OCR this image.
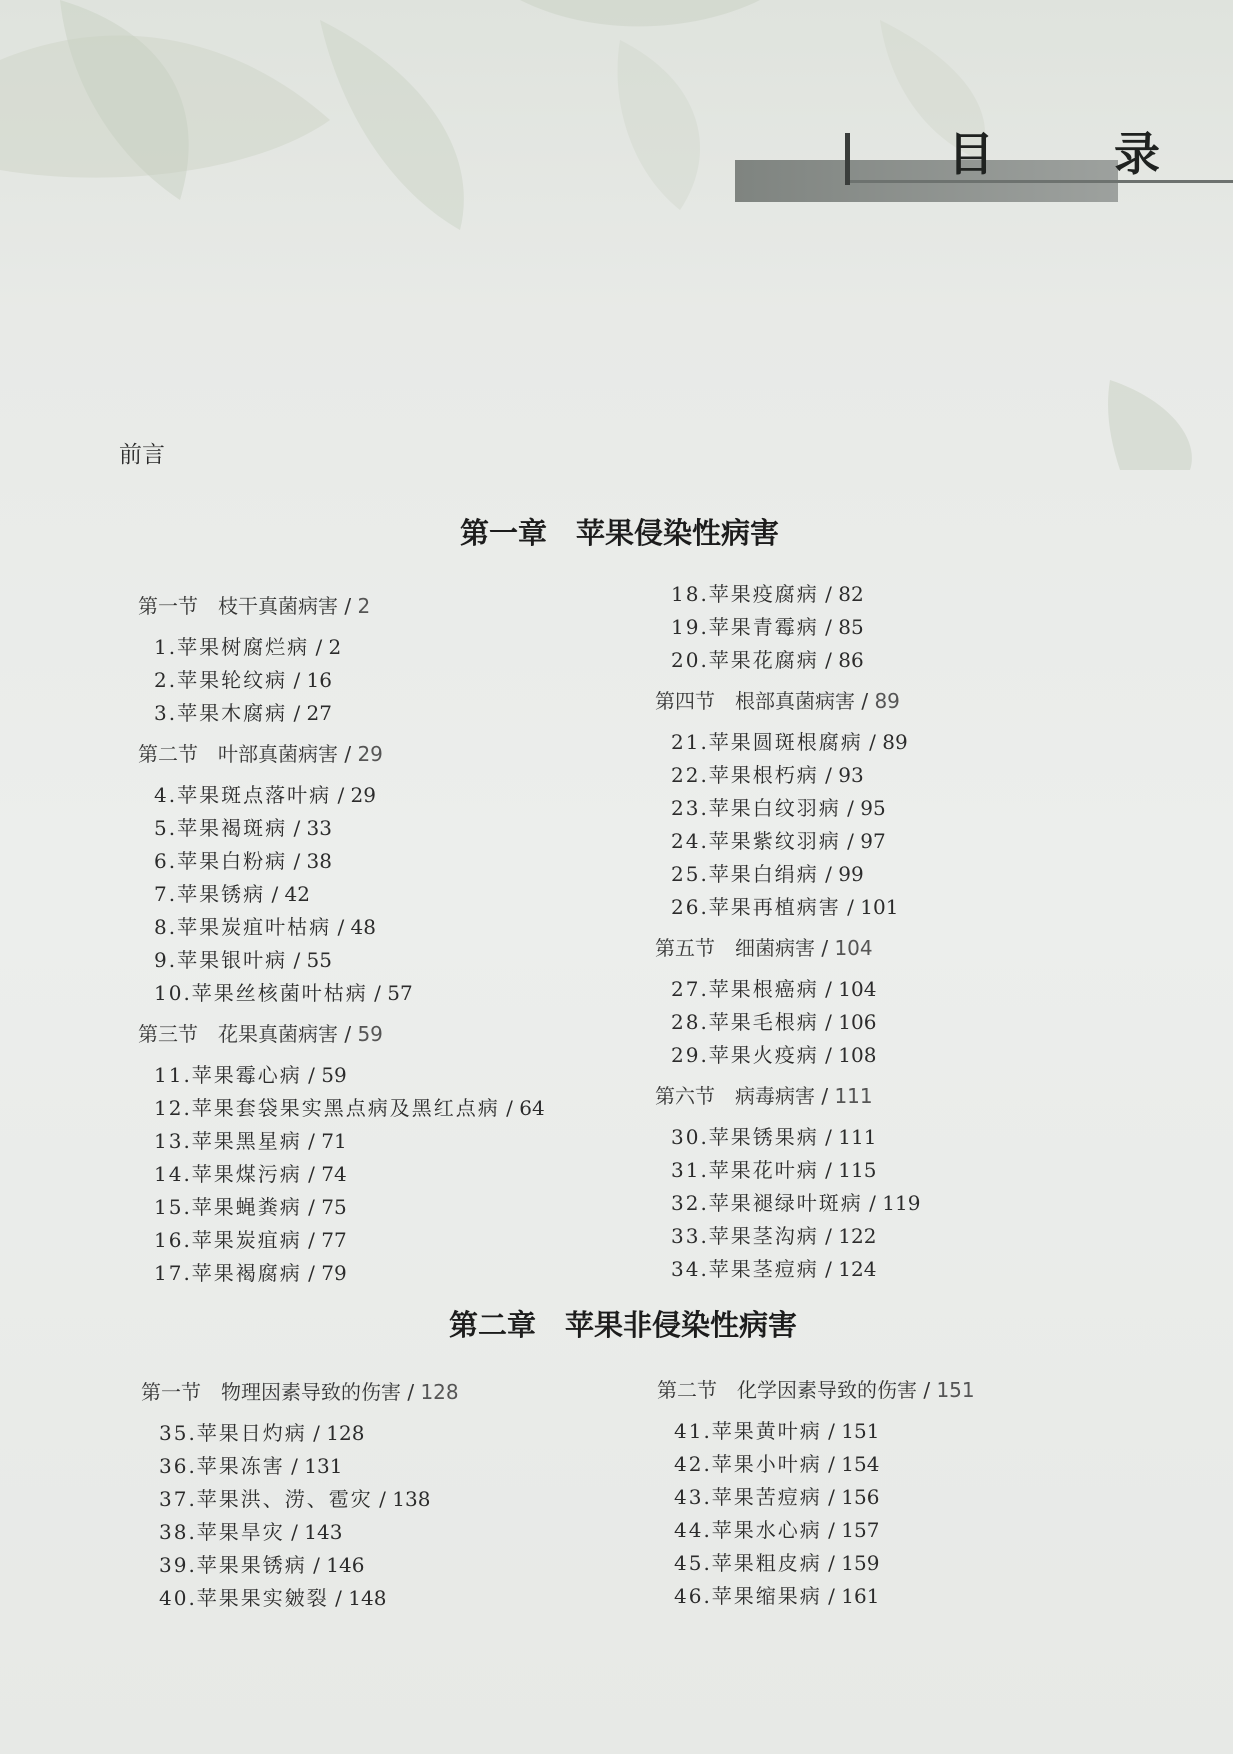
目 录
前言
第一章　苹果侵染性病害
第一节　枝干真菌病害 / 2
1.苹果树腐烂病 / 2
2.苹果轮纹病 / 16
3.苹果木腐病 / 27
第二节　叶部真菌病害 / 29
4.苹果斑点落叶病 / 29
5.苹果褐斑病 / 33
6.苹果白粉病 / 38
7.苹果锈病 / 42
8.苹果炭疽叶枯病 / 48
9.苹果银叶病 / 55
10.苹果丝核菌叶枯病 / 57
第三节　花果真菌病害 / 59
11.苹果霉心病 / 59
12.苹果套袋果实黑点病及黑红点病 / 64
13.苹果黑星病 / 71
14.苹果煤污病 / 74
15.苹果蝇粪病 / 75
16.苹果炭疽病 / 77
17.苹果褐腐病 / 79
18.苹果疫腐病 / 82
19.苹果青霉病 / 85
20.苹果花腐病 / 86
第四节　根部真菌病害 / 89
21.苹果圆斑根腐病 / 89
22.苹果根朽病 / 93
23.苹果白纹羽病 / 95
24.苹果紫纹羽病 / 97
25.苹果白绢病 / 99
26.苹果再植病害 / 101
第五节　细菌病害 / 104
27.苹果根癌病 / 104
28.苹果毛根病 / 106
29.苹果火疫病 / 108
第六节　病毒病害 / 111
30.苹果锈果病 / 111
31.苹果花叶病 / 115
32.苹果褪绿叶斑病 / 119
33.苹果茎沟病 / 122
34.苹果茎痘病 / 124
第二章　苹果非侵染性病害
第一节　物理因素导致的伤害 / 128
35.苹果日灼病 / 128
36.苹果冻害 / 131
37.苹果洪、涝、雹灾 / 138
38.苹果旱灾 / 143
39.苹果果锈病 / 146
40.苹果果实皴裂 / 148
第二节　化学因素导致的伤害 / 151
41.苹果黄叶病 / 151
42.苹果小叶病 / 154
43.苹果苦痘病 / 156
44.苹果水心病 / 157
45.苹果粗皮病 / 159
46.苹果缩果病 / 161
